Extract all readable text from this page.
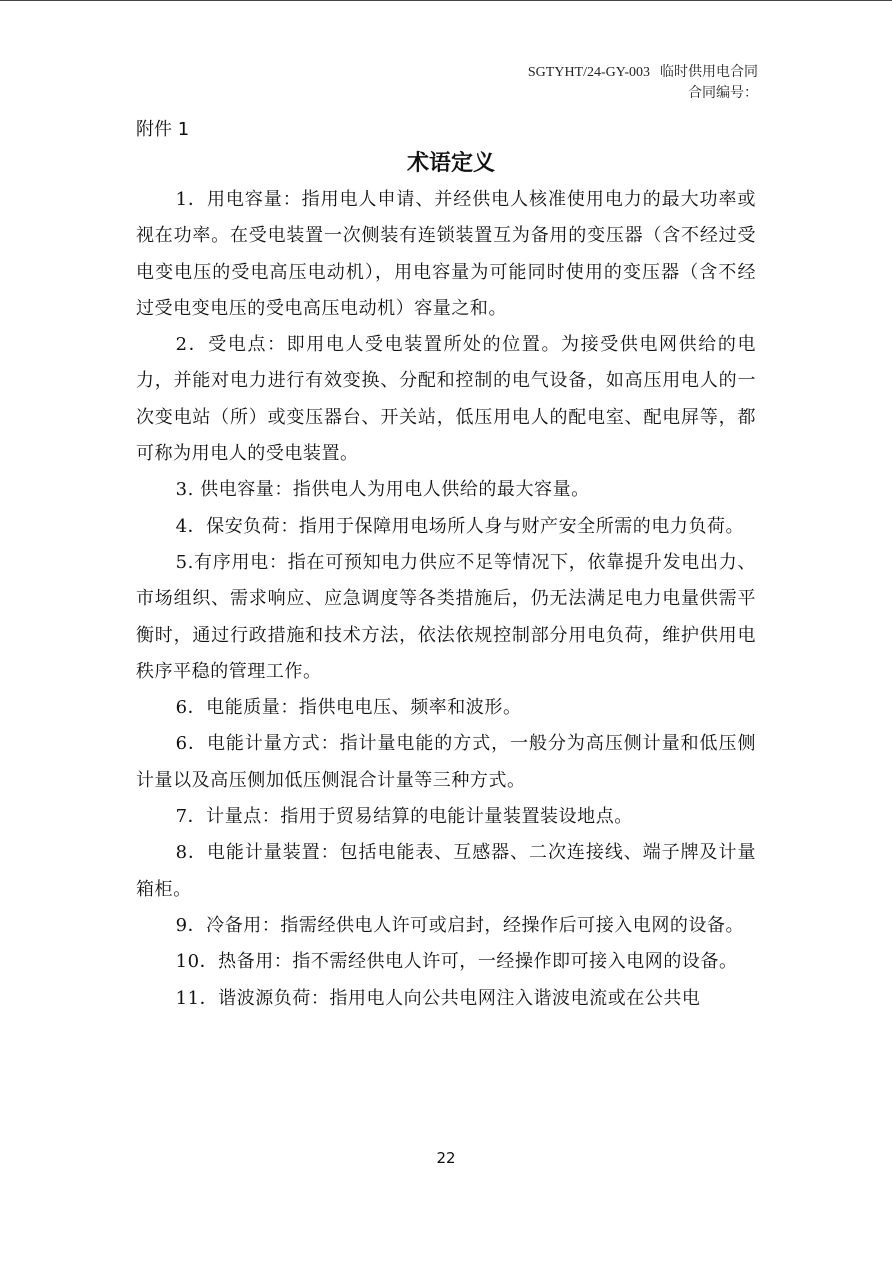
SGTYHT/24-GY-003 临时供用电合同
合同编号：
附件 1
术语定义

1．用电容量：指用电人申请、并经供电人核准使用电力的最大功率或视在功率。在受电装置一次侧装有连锁装置互为备用的变压器（含不经过受电变电压的受电高压电动机），用电容量为可能同时使用的变压器（含不经过受电变电压的受电高压电动机）容量之和。

2．受电点：即用电人受电装置所处的位置。为接受供电网供给的电力，并能对电力进行有效变换、分配和控制的电气设备，如高压用电人的一次变电站（所）或变压器台、开关站，低压用电人的配电室、配电屏等，都可称为用电人的受电装置。

3. 供电容量：指供电人为用电人供给的最大容量。

4．保安负荷：指用于保障用电场所人身与财产安全所需的电力负荷。

5.有序用电：指在可预知电力供应不足等情况下，依靠提升发电出力、市场组织、需求响应、应急调度等各类措施后，仍无法满足电力电量供需平衡时，通过行政措施和技术方法，依法依规控制部分用电负荷，维护供用电秩序平稳的管理工作。

6．电能质量：指供电电压、频率和波形。

6．电能计量方式：指计量电能的方式，一般分为高压侧计量和低压侧计量以及高压侧加低压侧混合计量等三种方式。

7．计量点：指用于贸易结算的电能计量装置装设地点。

8．电能计量装置：包括电能表、互感器、二次连接线、端子牌及计量箱柜。

9．冷备用：指需经供电人许可或启封，经操作后可接入电网的设备。

10．热备用：指不需经供电人许可，一经操作即可接入电网的设备。

11．谐波源负荷：指用电人向公共电网注入谐波电流或在公共电

22
